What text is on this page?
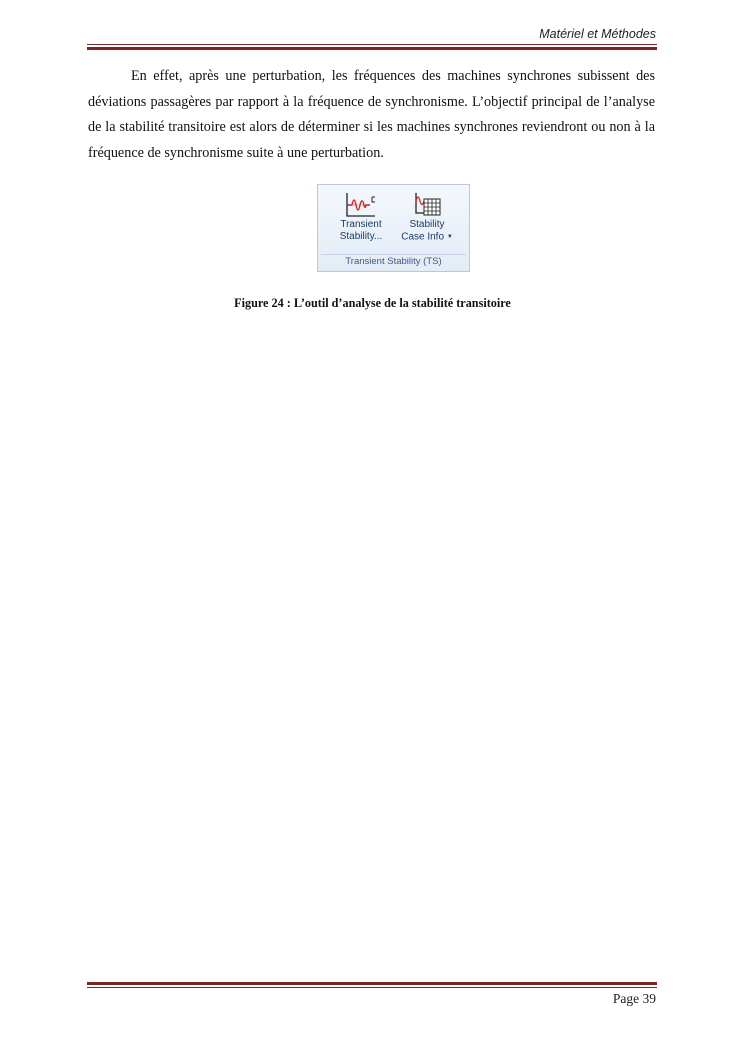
Matériel et Méthodes

En effet, après une perturbation, les fréquences des machines synchrones subissent des déviations passagères par rapport à la fréquence de synchronisme. L’objectif principal de l’analyse de la stabilité transitoire est alors de déterminer si les machines synchrones reviendront ou non à la fréquence de synchronisme suite à une perturbation.

Transient
Stability...
Stability
Case Info ▼
Transient Stability (TS)
Figure 24 : L’outil d’analyse de la stabilité transitoire
Page 39
